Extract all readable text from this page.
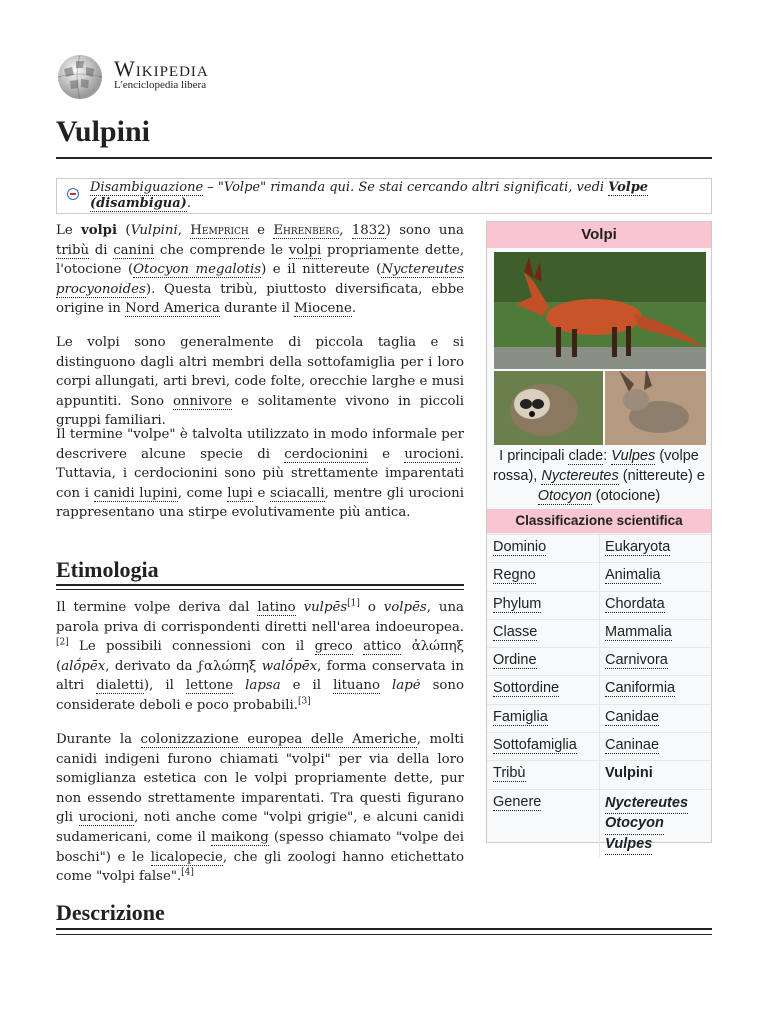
Wikipedia
L'enciclopedia libera
Vulpini
Disambiguazione – "Volpe" rimanda qui. Se stai cercando altri significati, vedi Volpe (disambigua).

Le volpi (Vulpini, Hemprich e Ehrenberg, 1832) sono una tribù di canini che comprende le volpi propriamente dette, l'otocione (Otocyon megalotis) e il nittereute (Nyctereutes procyonoides). Questa tribù, piuttosto diversificata, ebbe origine in Nord America durante il Miocene.

Le volpi sono generalmente di piccola taglia e si distinguono dagli altri membri della sottofamiglia per i loro corpi allungati, arti brevi, code folte, orecchie larghe e musi appuntiti. Sono onnivore e solitamente vivono in piccoli gruppi familiari.

Il termine "volpe" è talvolta utilizzato in modo informale per descrivere alcune specie di cerdocionini e urocioni. Tuttavia, i cerdocionini sono più strettamente imparentati con i canidi lupini, come lupi e sciacalli, mentre gli urocioni rappresentano una stirpe evolutivamente più antica.

Etimologia

Il termine volpe deriva dal latino vulpēs[1] o volpēs, una parola priva di corrispondenti diretti nell'area indoeuropea.[2] Le possibili connessioni con il greco attico ἀλώπηξ (alṓpēx, derivato da ϝαλώπηξ walṓpēx, forma conservata in altri dialetti), il lettone lapsa e il lituano lapė sono considerate deboli e poco probabili.[3]

Durante la colonizzazione europea delle Americhe, molti canidi indigeni furono chiamati "volpi" per via della loro somiglianza estetica con le volpi propriamente dette, pur non essendo strettamente imparentati. Tra questi figurano gli urocioni, noti anche come "volpi grigie", e alcuni canidi sudamericani, come il maikong (spesso chiamato "volpe dei boschi") e le licalopecie, che gli zoologi hanno etichettato come "volpi false".[4]

Descrizione
Volpi
I principali clade: Vulpes (volpe rossa), Nyctereutes (nittereute) e Otocyon (otocione)
Classificazione scientifica
Dominio	Eukaryota
Regno	Animalia
Phylum	Chordata
Classe	Mammalia
Ordine	Carnivora
Sottordine	Caniformia
Famiglia	Canidae
Sottofamiglia Caninae
Tribù	Vulpini
Genere	Nyctereutes
Otocyon
Vulpes
